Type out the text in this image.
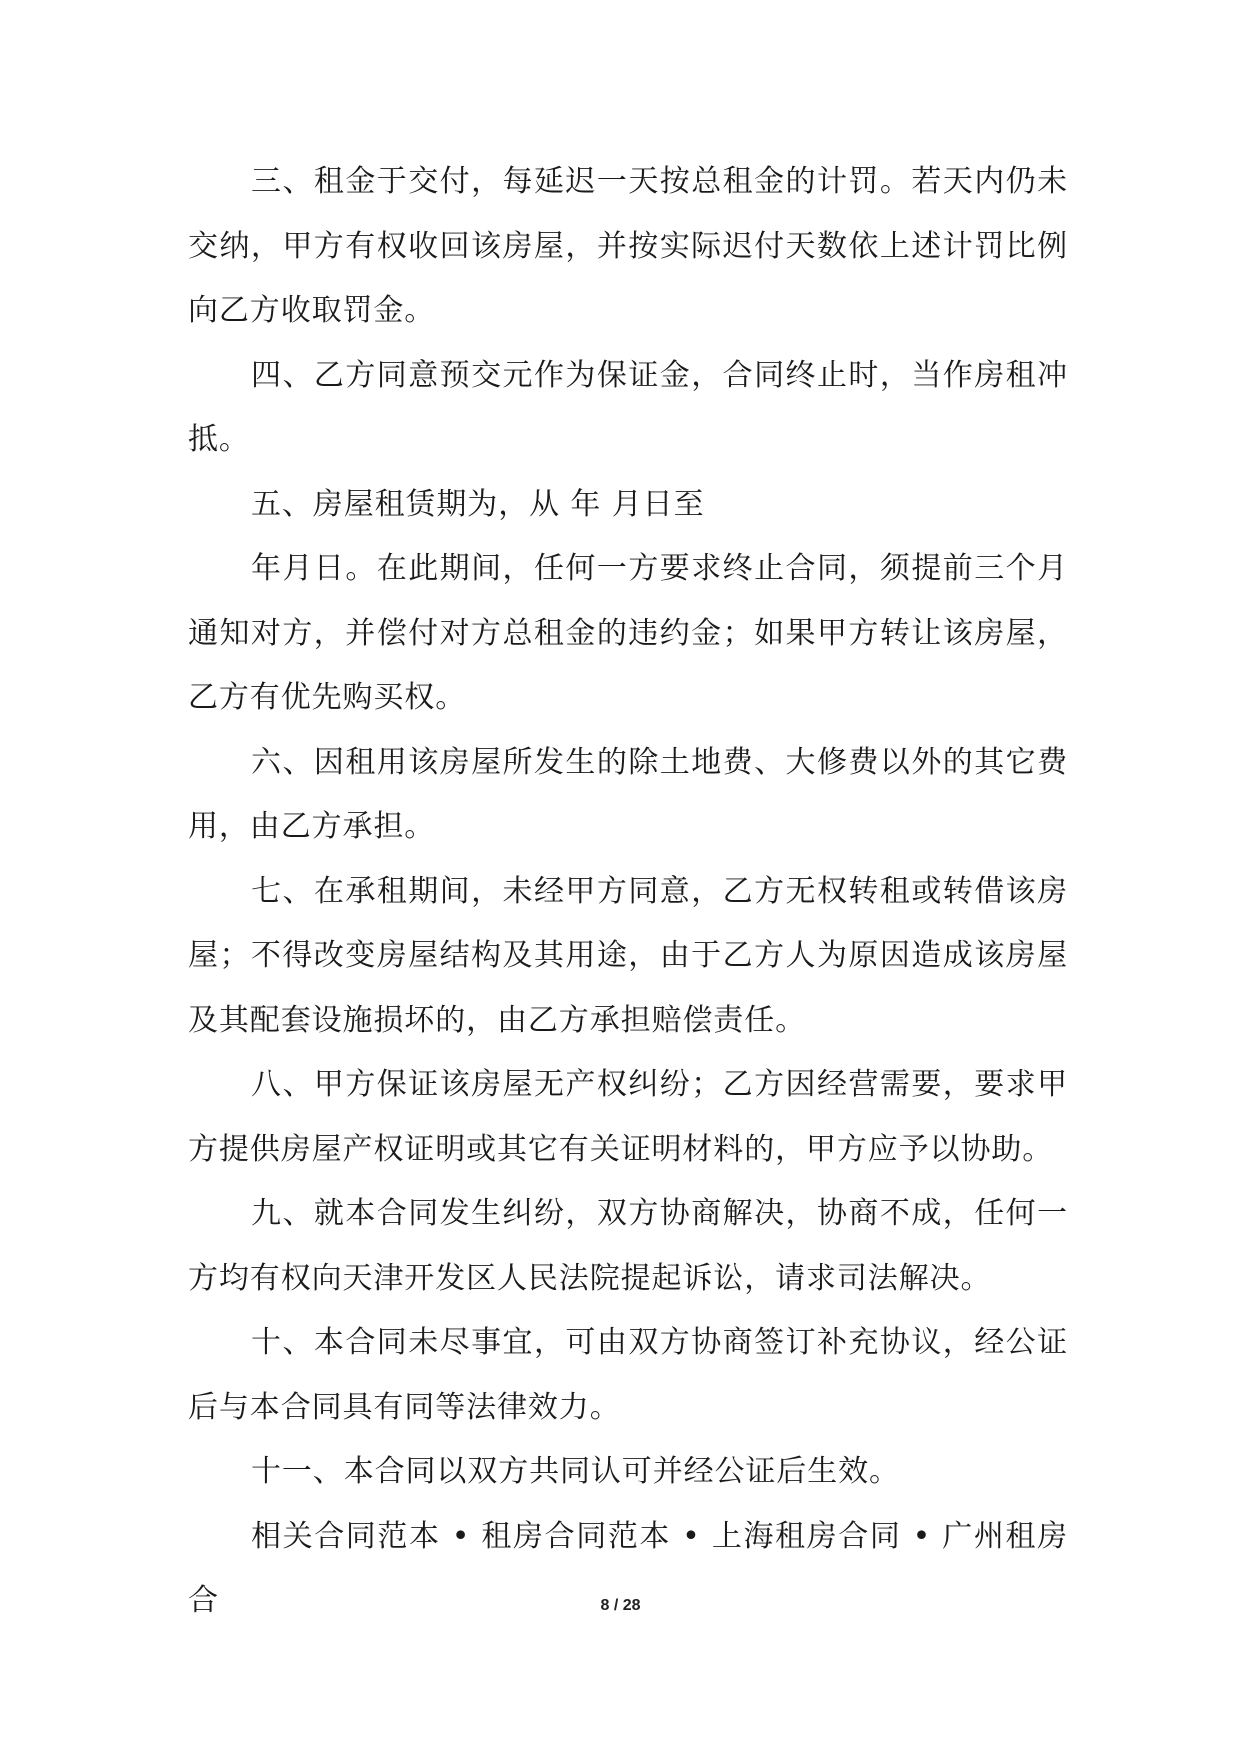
三、租金于交付，每延迟一天按总租金的计罚。若天内仍未交纳，甲方有权收回该房屋，并按实际迟付天数依上述计罚比例向乙方收取罚金。

四、乙方同意预交元作为保证金，合同终止时，当作房租冲抵。

五、房屋租赁期为，从 年 月日至

年月日。在此期间，任何一方要求终止合同，须提前三个月通知对方，并偿付对方总租金的违约金；如果甲方转让该房屋，乙方有优先购买权。

六、因租用该房屋所发生的除土地费、大修费以外的其它费用，由乙方承担。

七、在承租期间，未经甲方同意，乙方无权转租或转借该房屋；不得改变房屋结构及其用途，由于乙方人为原因造成该房屋及其配套设施损坏的，由乙方承担赔偿责任。

八、甲方保证该房屋无产权纠纷；乙方因经营需要，要求甲方提供房屋产权证明或其它有关证明材料的，甲方应予以协助。

九、就本合同发生纠纷，双方协商解决，协商不成，任何一方均有权向天津开发区人民法院提起诉讼，请求司法解决。

十、本合同未尽事宜，可由双方协商签订补充协议，经公证后与本合同具有同等法律效力。

十一、本合同以双方共同认可并经公证后生效。

相关合同范本 • 租房合同范本 • 上海租房合同 • 广州租房合	8 / 28
